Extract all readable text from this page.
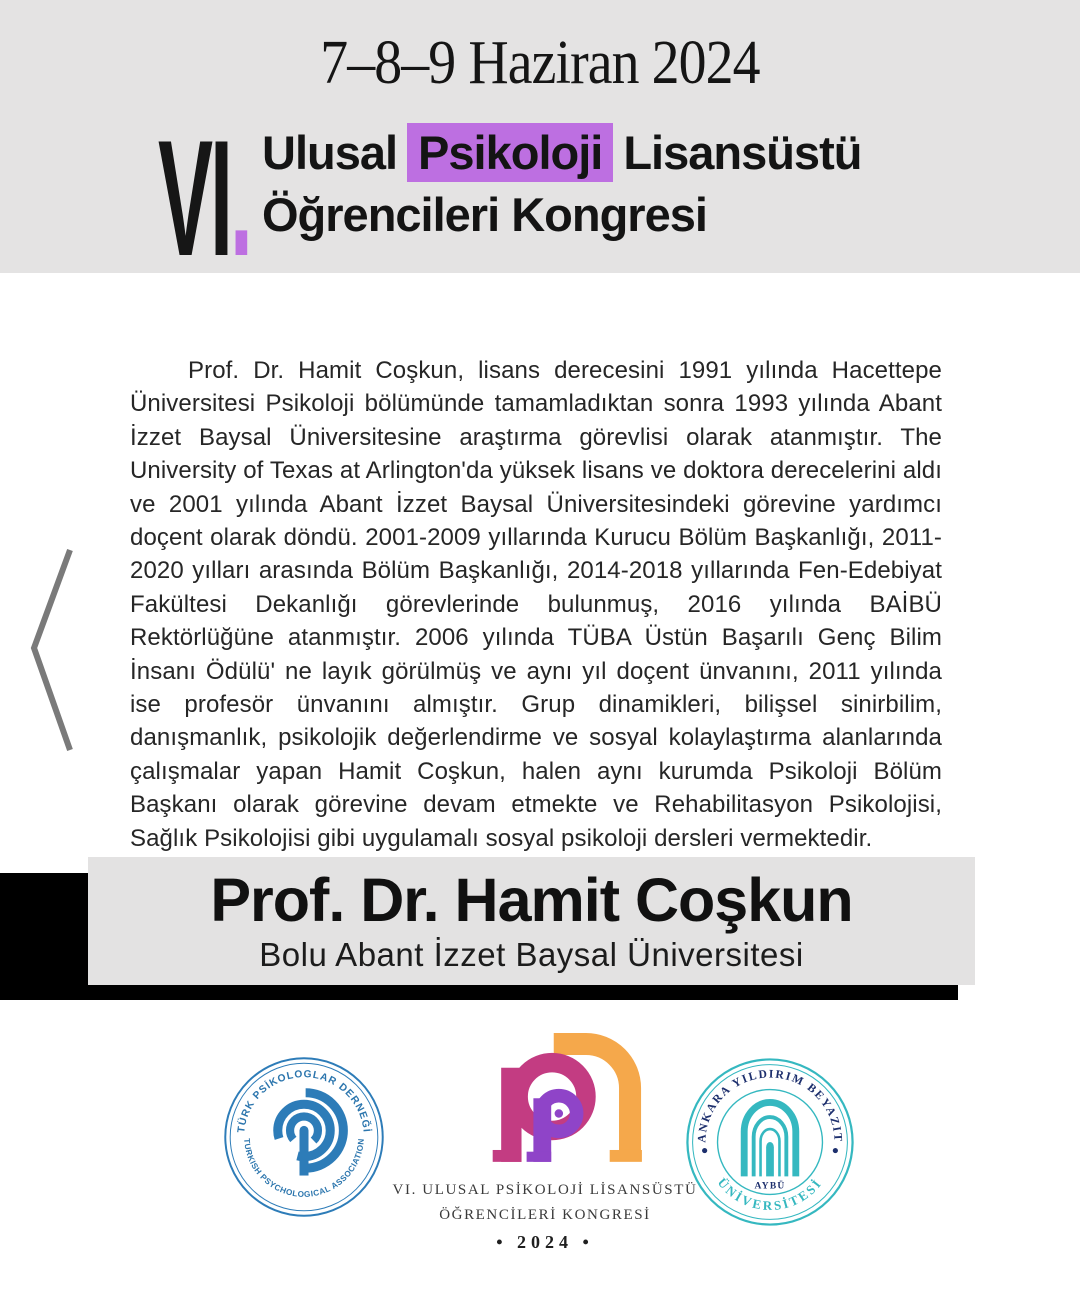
7–8–9 Haziran 2024
VI. Ulusal Psikoloji Lisansüstü
Öğrencileri Kongresi

Prof. Dr. Hamit Coşkun, lisans derecesini 1991 yılında Hacettepe Üniversitesi Psikoloji bölümünde tamamladıktan sonra 1993 yılında Abant İzzet Baysal Üniversitesine araştırma görevlisi olarak atanmıştır. The University of Texas at Arlington'da yüksek lisans ve doktora derecelerini aldı ve 2001 yılında Abant İzzet Baysal Üniversitesindeki görevine yardımcı doçent olarak döndü. 2001-2009 yıllarında Kurucu Bölüm Başkanlığı, 2011-2020 yılları arasında Bölüm Başkanlığı, 2014-2018 yıllarında Fen-Edebiyat Fakültesi Dekanlığı görevlerinde bulunmuş, 2016 yılında BAİBÜ Rektörlüğüne atanmıştır. 2006 yılında TÜBA Üstün Başarılı Genç Bilim İnsanı Ödülü' ne layık görülmüş ve aynı yıl doçent ünvanını, 2011 yılında ise profesör ünvanını almıştır. Grup dinamikleri, bilişsel sinirbilim, danışmanlık, psikolojik değerlendirme ve sosyal kolaylaştırma alanlarında çalışmalar yapan Hamit Coşkun, halen aynı kurumda Psikoloji Bölüm Başkanı olarak görevine devam etmekte ve Rehabilitasyon Psikolojisi, Sağlık Psikolojisi gibi uygulamalı sosyal psikoloji dersleri vermektedir.

Prof. Dr. Hamit Coşkun
Bolu Abant İzzet Baysal Üniversitesi
TÜRK PSİKOLOGLAR DERNEĞİ
TURKISH PSYCHOLOGICAL ASSOCIATION
VI. ULUSAL PSİKOLOJİ LİSANSÜSTÜ
ÖĞRENCİLERİ KONGRESİ
• 2024 •
ANKARA YILDIRIM BEYAZIT
ÜNİVERSİTESİ
AYBÜ
